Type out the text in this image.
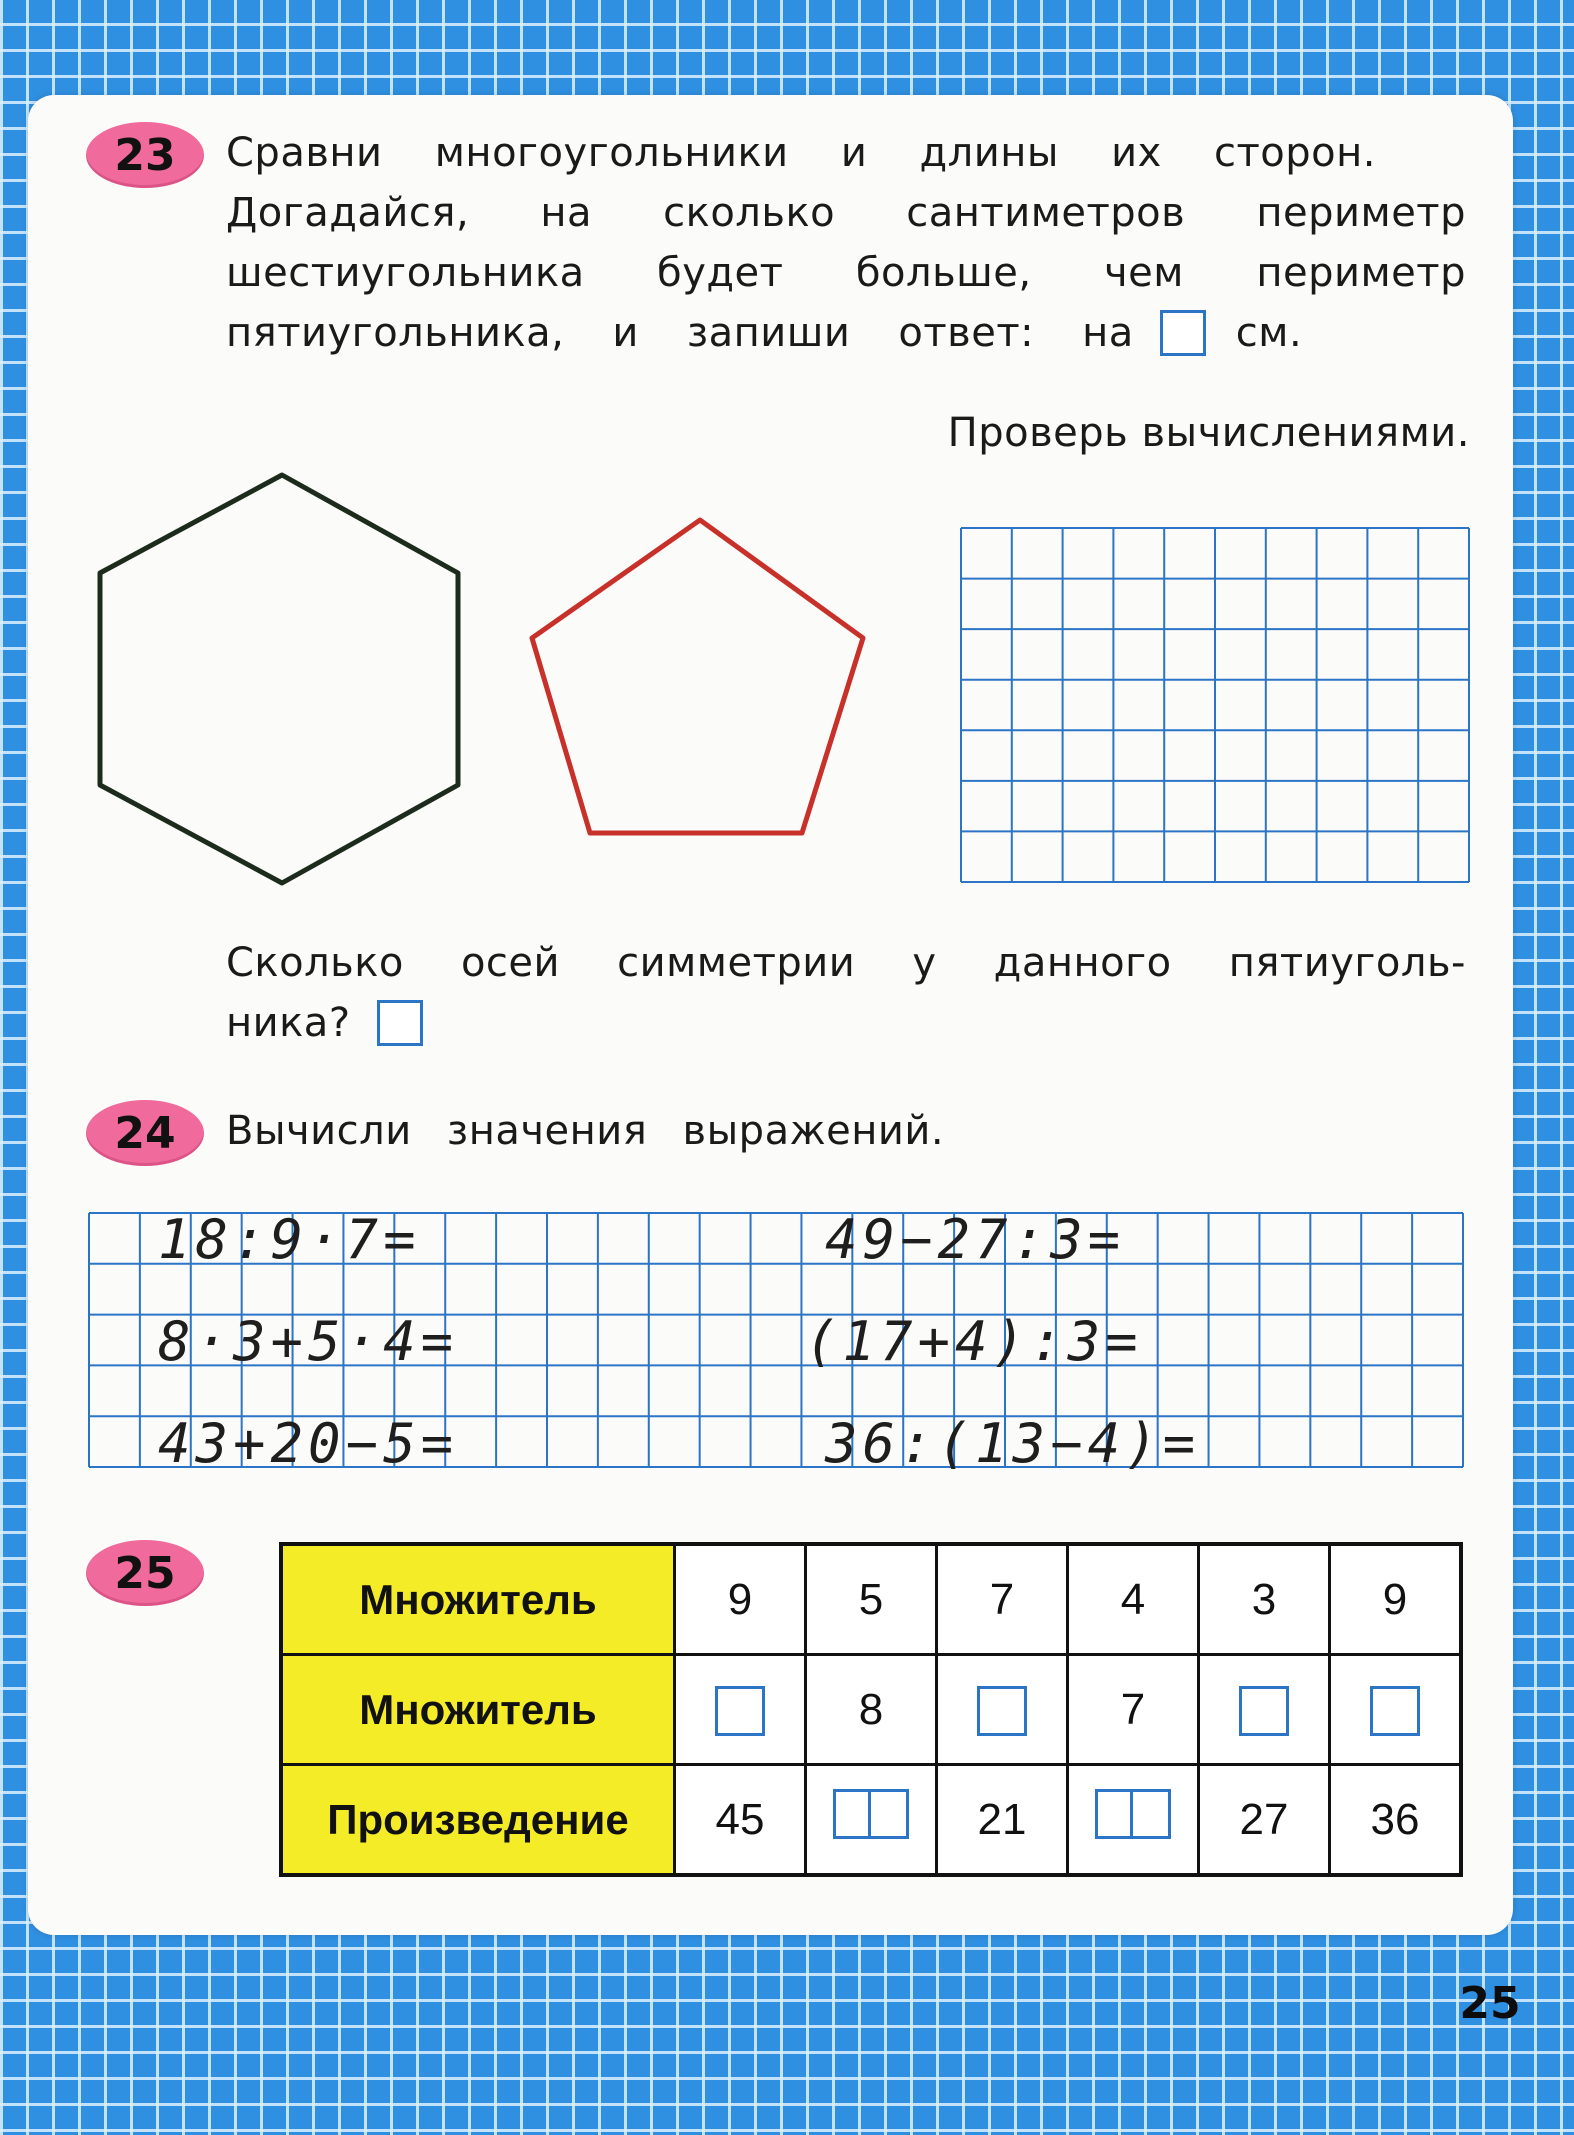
23 Сравни многоугольники и длины их сторон.
Догадайся, на сколько сантиметров периметр
шестиугольника будет больше, чем периметр
пятиугольника, и запиши ответ: на	см.
Проверь вычислениями.
Сколько осей симметрии у данного пятиуголь-
ника?
24 Вычисли значения выражений.
18:9·7=
8·3+5·4=
43+20−5=
49−27:3=
(17+4):3=
36:(13−4)=
25
Множитель	9	5	7	4	3	9
Множитель		8		7		
Произведение	45		21		27	36
25
